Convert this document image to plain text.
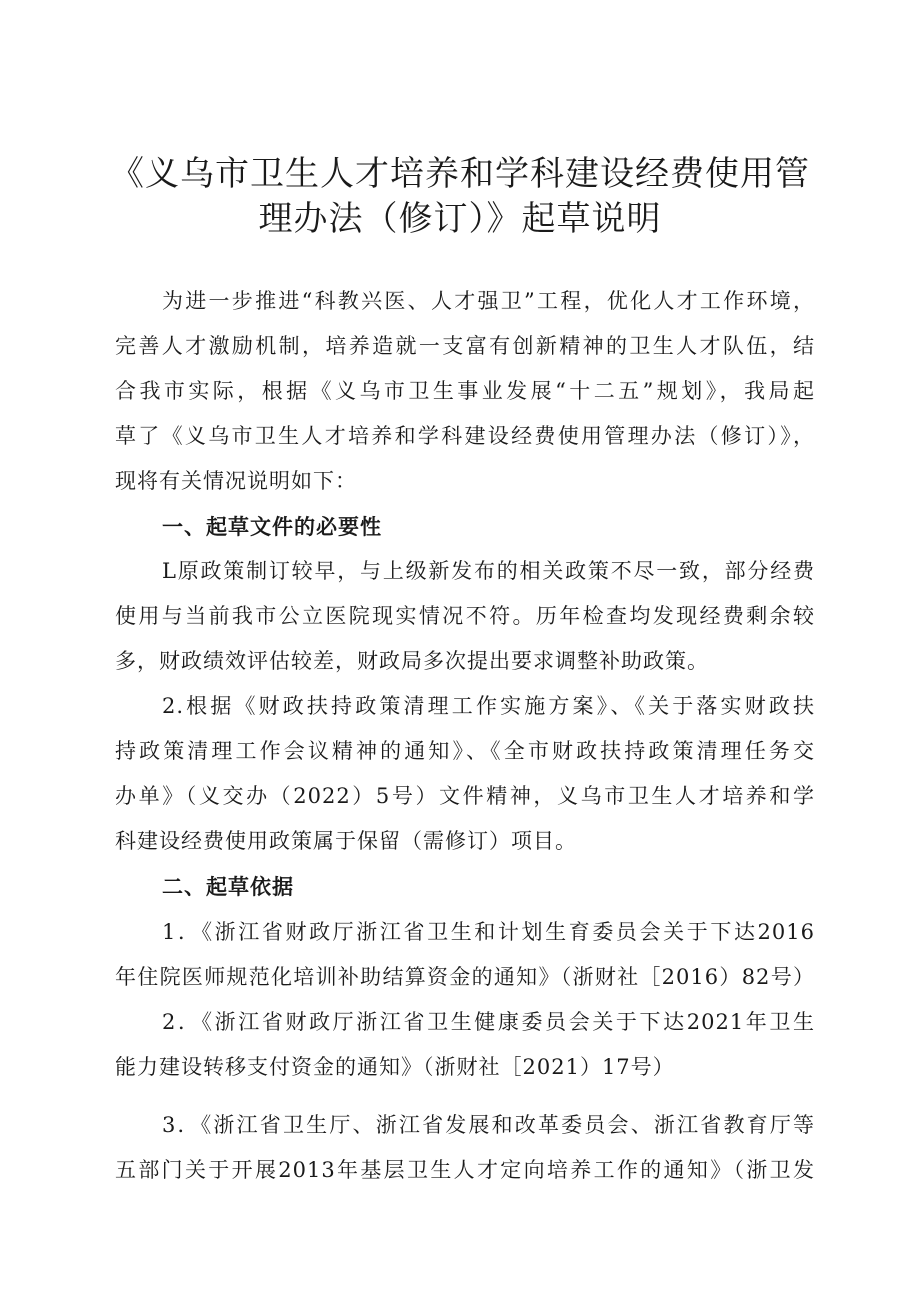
《义乌市卫生人才培养和学科建设经费使用管
理办法（修订）》起草说明

为进一步推进“科教兴医、人才强卫”工程，优化人才工作环境，

完善人才激励机制，培养造就一支富有创新精神的卫生人才队伍，结

合我市实际，根据《义乌市卫生事业发展“十二五”规划》，我局起

草了《义乌市卫生人才培养和学科建设经费使用管理办法（修订）》，

现将有关情况说明如下：

一、起草文件的必要性

L原政策制订较早，与上级新发布的相关政策不尽一致，部分经费

使用与当前我市公立医院现实情况不符。历年检查均发现经费剩余较

多，财政绩效评估较差，财政局多次提出要求调整补助政策。

2.根据《财政扶持政策清理工作实施方案》、《关于落实财政扶

持政策清理工作会议精神的通知》、《全市财政扶持政策清理任务交

办单》（义交办（2022）5号）文件精神，义乌市卫生人才培养和学

科建设经费使用政策属于保留（需修订）项目。

二、起草依据

1．《浙江省财政厅浙江省卫生和计划生育委员会关于下达2016

年住院医师规范化培训补助结算资金的通知》（浙财社［2016）82号）

2．《浙江省财政厅浙江省卫生健康委员会关于下达2021年卫生

能力建设转移支付资金的通知》（浙财社［2021）17号）

3．《浙江省卫生厅、浙江省发展和改革委员会、浙江省教育厅等

五部门关于开展2013年基层卫生人才定向培养工作的通知》（浙卫发
